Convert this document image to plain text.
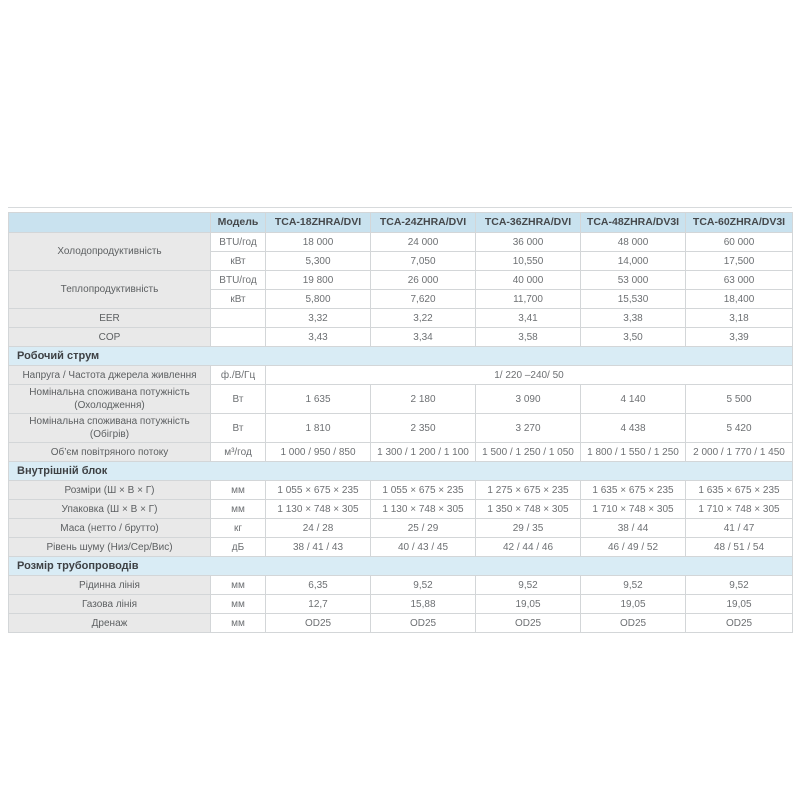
	Модель	TCA-18ZHRA/DVI	TCA-24ZHRA/DVI	TCA-36ZHRA/DVI	TCA-48ZHRA/DV3I	TCA-60ZHRA/DV3I
Холодопродуктивність	BTU/год	18 000	24 000	36 000	48 000	60 000
	кВт	5,300	7,050	10,550	14,000	17,500
Теплопродуктивність	BTU/год	19 800	26 000	40 000	53 000	63 000
	кВт	5,800	7,620	11,700	15,530	18,400
EER		3,32	3,22	3,41	3,38	3,18
COP		3,43	3,34	3,58	3,50	3,39
Робочий струм						
Напруга / Частота джерела живлення	ф./В/Гц	1/ 220 –240/ 50				
Номінальна споживана потужність (Охолодження)	Вт	1 635	2 180	3 090	4 140	5 500
Номінальна споживана потужність (Обігрів)	Вт	1 810	2 350	3 270	4 438	5 420
Об’єм повітряного потоку	м³/год	1 000 / 950 / 850	1 300 / 1 200 / 1 100	1 500 / 1 250 / 1 050	1 800 / 1 550 / 1 250	2 000 / 1 770 / 1 450
Внутрішній блок						
Розміри (Ш × В × Г)	мм	1 055 × 675 × 235	1 055 × 675 × 235	1 275 × 675 × 235	1 635 × 675 × 235	1 635 × 675 × 235
Упаковка (Ш × В × Г)	мм	1 130 × 748 × 305	1 130 × 748 × 305	1 350 × 748 × 305	1 710 × 748 × 305	1 710 × 748 × 305
Маса (нетто / брутто)	кг	24 / 28	25 / 29	29 / 35	38 / 44	41 / 47
Рівень шуму (Низ/Сер/Вис)	дБ	38 / 41 / 43	40 / 43 / 45	42 / 44 / 46	46 / 49 / 52	48 / 51 / 54
Розмір трубопроводів						
Рідинна лінія	мм	6,35	9,52	9,52	9,52	9,52
Газова лінія	мм	12,7	15,88	19,05	19,05	19,05
Дренаж	мм	OD25	OD25	OD25	OD25	OD25
